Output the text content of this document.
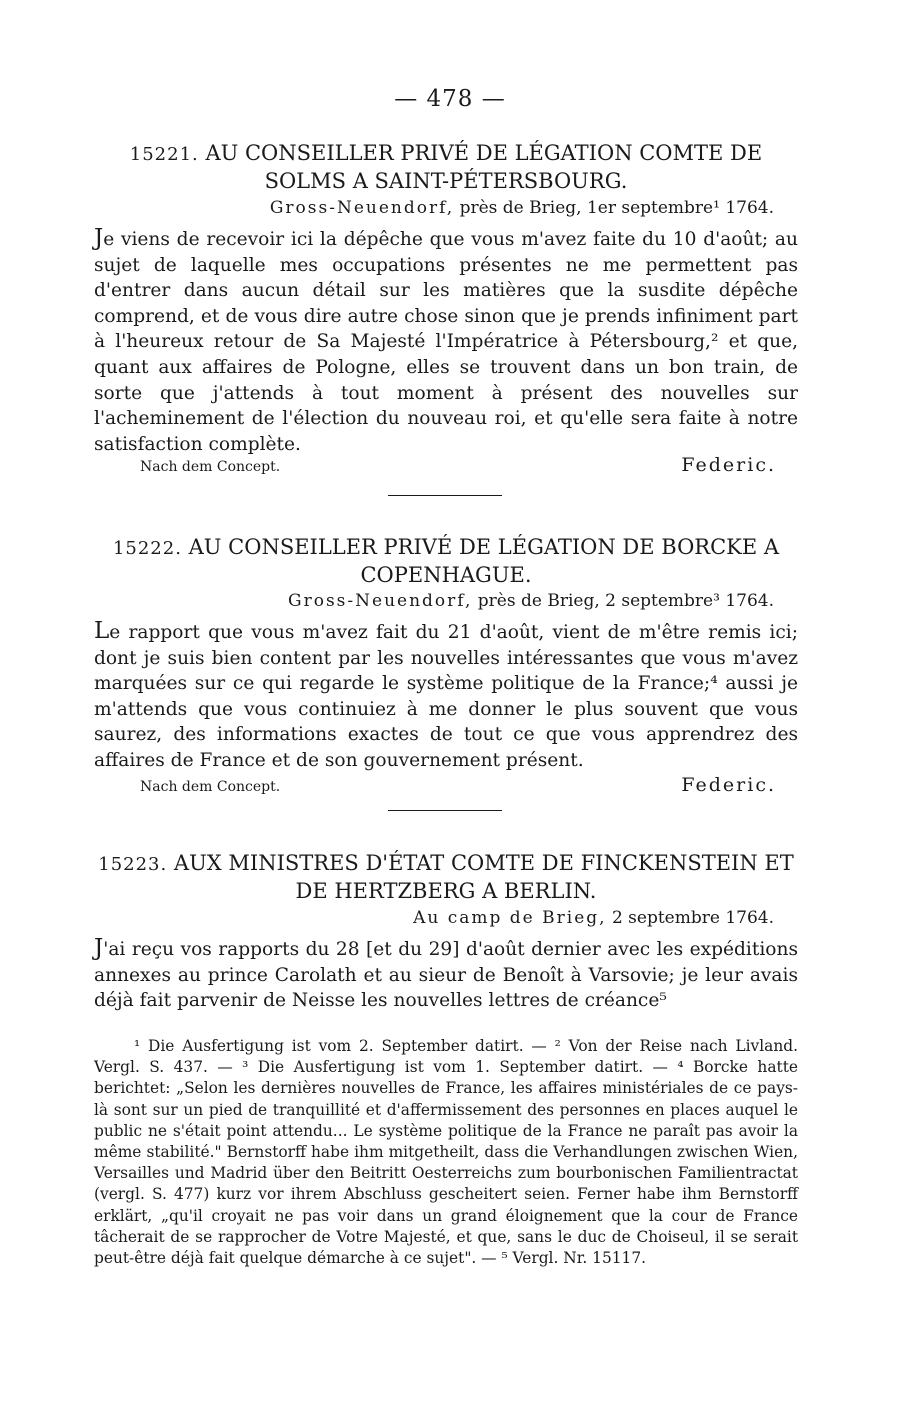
— 478 —
15221. AU CONSEILLER PRIVÉ DE LÉGATION COMTE DE SOLMS A SAINT-PÉTERSBOURG.
Gross-Neuendorf, près de Brieg, 1er septembre¹ 1764.
Je viens de recevoir ici la dépêche que vous m'avez faite du 10 d'août; au sujet de laquelle mes occupations présentes ne me permettent pas d'entrer dans aucun détail sur les matières que la susdite dépêche comprend, et de vous dire autre chose sinon que je prends infiniment part à l'heureux retour de Sa Majesté l'Impératrice à Pétersbourg,² et que, quant aux affaires de Pologne, elles se trouvent dans un bon train, de sorte que j'attends à tout moment à présent des nouvelles sur l'acheminement de l'élection du nouveau roi, et qu'elle sera faite à notre satisfaction complète.
Nach dem Concept.	Federic.
15222. AU CONSEILLER PRIVÉ DE LÉGATION DE BORCKE A COPENHAGUE.
Gross-Neuendorf, près de Brieg, 2 septembre³ 1764.
Le rapport que vous m'avez fait du 21 d'août, vient de m'être remis ici; dont je suis bien content par les nouvelles intéressantes que vous m'avez marquées sur ce qui regarde le système politique de la France;⁴ aussi je m'attends que vous continuiez à me donner le plus souvent que vous saurez, des informations exactes de tout ce que vous apprendrez des affaires de France et de son gouvernement présent.
Nach dem Concept.	Federic.
15223. AUX MINISTRES D'ÉTAT COMTE DE FINCKENSTEIN ET DE HERTZBERG A BERLIN.
Au camp de Brieg, 2 septembre 1764.
J'ai reçu vos rapports du 28 [et du 29] d'août dernier avec les expéditions annexes au prince Carolath et au sieur de Benoît à Varsovie; je leur avais déjà fait parvenir de Neisse les nouvelles lettres de créance⁵

¹ Die Ausfertigung ist vom 2. September datirt. — ² Von der Reise nach Livland. Vergl. S. 437. — ³ Die Ausfertigung ist vom 1. September datirt. — ⁴ Borcke hatte berichtet: „Selon les dernières nouvelles de France, les affaires ministériales de ce pays-là sont sur un pied de tranquillité et d'affermissement des personnes en places auquel le public ne s'était point attendu... Le système politique de la France ne paraît pas avoir la même stabilité." Bernstorff habe ihm mitgetheilt, dass die Verhandlungen zwischen Wien, Versailles und Madrid über den Beitritt Oesterreichs zum bourbonischen Familientractat (vergl. S. 477) kurz vor ihrem Abschluss gescheitert seien. Ferner habe ihm Bernstorff erklärt, „qu'il croyait ne pas voir dans un grand éloignement que la cour de France tâcherait de se rapprocher de Votre Majesté, et que, sans le duc de Choiseul, il se serait peut-être déjà fait quelque démarche à ce sujet". — ⁵ Vergl. Nr. 15117.
